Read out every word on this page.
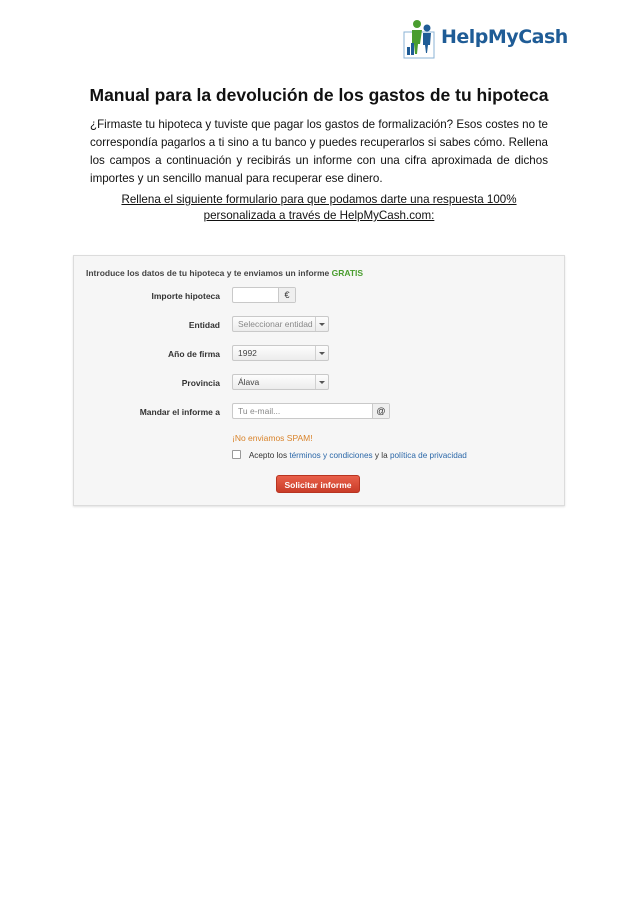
HelpMyCash
Manual para la devolución de los gastos de tu hipoteca
¿Firmaste tu hipoteca y tuviste que pagar los gastos de formalización? Esos costes no te correspondía pagarlos a ti sino a tu banco y puedes recuperarlos si sabes cómo. Rellena los campos a continuación y recibirás un informe con una cifra aproximada de dichos importes y un sencillo manual para recuperar ese dinero.
Rellena el siguiente formulario para que podamos darte una respuesta 100% personalizada a través de HelpMyCash.com:
Introduce los datos de tu hipoteca y te enviamos un informe GRATIS
Importe hipoteca	€
Entidad Seleccionar entidad
Año de firma 1992
Provincia Álava
Mandar el informe a Tu e-mail...	@
¡No enviamos SPAM!
Acepto los términos y condiciones y la política de privacidad
Solicitar informe
